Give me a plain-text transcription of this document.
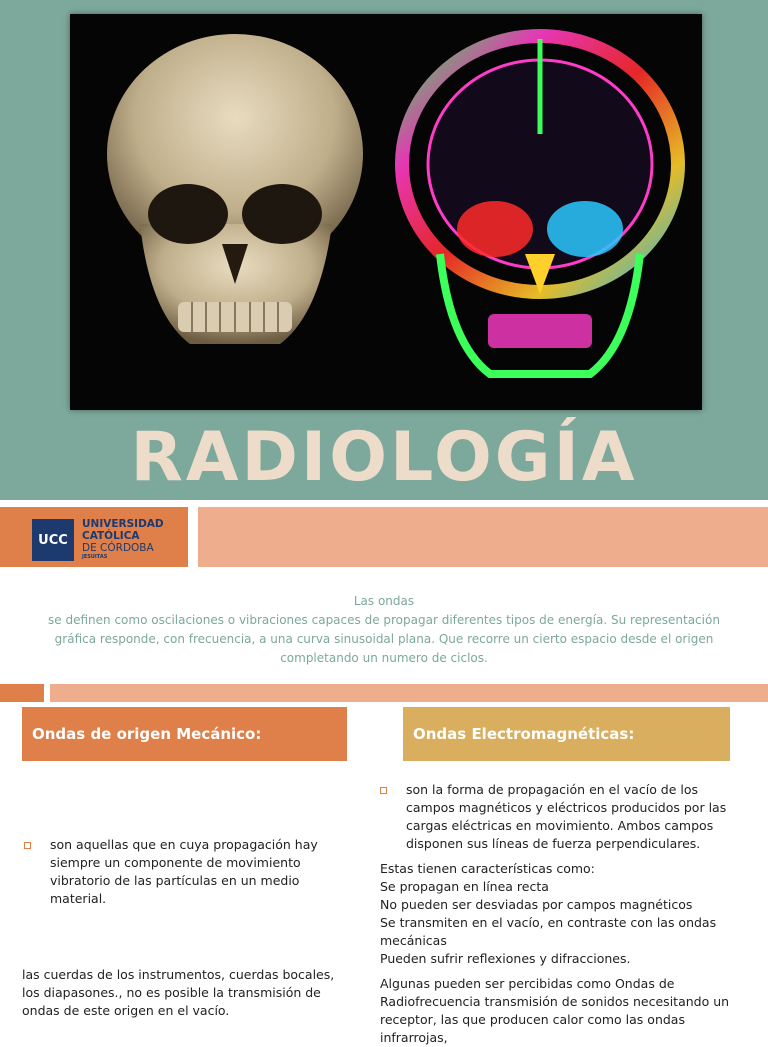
RADIOLOGÍA
UCC
UNIVERSIDAD
CATÓLICA
DE CÓRDOBA
JESUITAS

Las ondas

se definen como oscilaciones o vibraciones capaces de propagar diferentes tipos de energía. Su representación gráfica responde, con frecuencia, a una curva sinusoidal plana. Que recorre un cierto espacio desde el origen completando un numero de ciclos.

Ondas de origen Mecánico:	Ondas Electromagnéticas:
son aquellas que en cuya propagación hay siempre un componente de movimiento vibratorio de las partículas en un medio material.
las cuerdas de los instrumentos, cuerdas bocales, los diapasones., no es posible la transmisión de ondas de este origen en el vacío.
son la forma de propagación en el vacío de los campos magnéticos y eléctricos producidos por las cargas eléctricas en movimiento. Ambos campos disponen sus líneas de fuerza perpendiculares.
Estas tienen características como:
Se propagan en línea recta
No pueden ser desviadas por campos magnéticos
Se transmiten en el vacío, en contraste con las ondas mecánicas
Pueden sufrir reflexiones y difracciones.
Algunas pueden ser percibidas como Ondas de Radiofrecuencia transmisión de sonidos necesitando un receptor, las que producen calor como las ondas infrarrojas,
